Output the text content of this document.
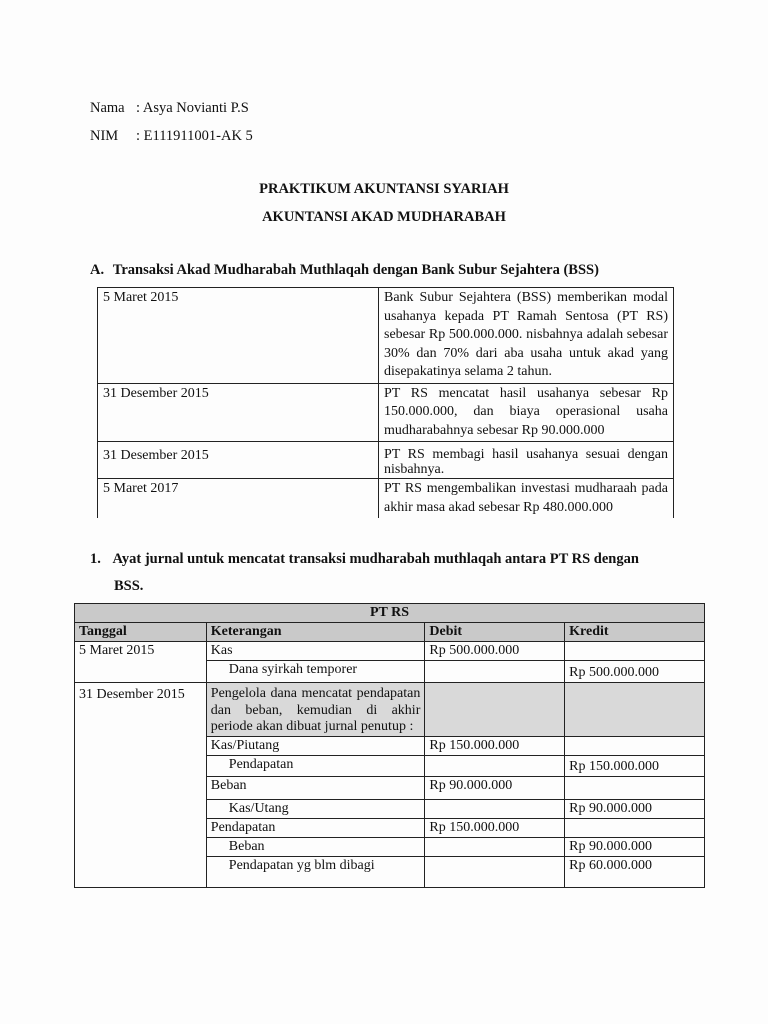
Nama : Asya Novianti P.S
NIM : E111911001-AK 5
PRAKTIKUM AKUNTANSI SYARIAH
AKUNTANSI AKAD MUDHARABAH
A. Transaksi Akad Mudharabah Muthlaqah dengan Bank Subur Sejahtera (BSS)
5 Maret 2015	Bank Subur Sejahtera (BSS) memberikan modal usahanya kepada PT Ramah Sentosa (PT RS) sebesar Rp 500.000.000. nisbahnya adalah sebesar 30% dan 70% dari aba usaha untuk akad yang disepakatinya selama 2 tahun.
31 Desember 2015	PT RS mencatat hasil usahanya sebesar Rp 150.000.000, dan biaya operasional usaha mudharabahnya sebesar Rp 90.000.000
31 Desember 2015	PT RS membagi hasil usahanya sesuai dengan nisbahnya.
5 Maret 2017	PT RS mengembalikan investasi mudharaah pada akhir masa akad sebesar Rp 480.000.000
1. Ayat jurnal untuk mencatat transaksi mudharabah muthlaqah antara PT RS dengan
BSS.
PT RS			
Tanggal	Keterangan	Debit	Kredit
5 Maret 2015	Kas	Rp 500.000.000	
	Dana syirkah temporer		Rp 500.000.000
31 Desember 2015	Pengelola dana mencatat pendapatan dan beban, kemudian di akhir periode akan dibuat jurnal penutup :		
	Kas/Piutang	Rp 150.000.000	
	Pendapatan		Rp 150.000.000
	Beban	Rp 90.000.000	
	Kas/Utang		Rp 90.000.000
	Pendapatan	Rp 150.000.000	
	Beban		Rp 90.000.000
	Pendapatan yg blm dibagi		Rp 60.000.000
